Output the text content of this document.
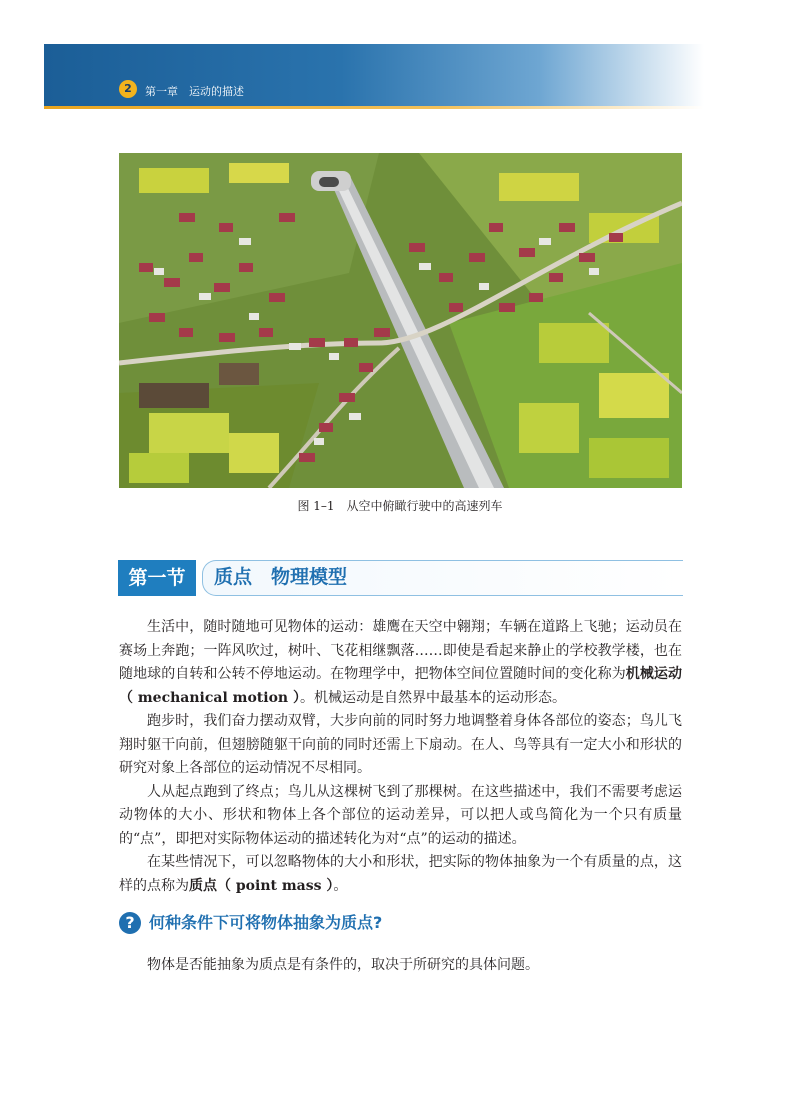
2	第一章　 运动的描述
图 1–1　从空中俯瞰行驶中的高速列车
第一节	质点　物理模型

生活中，随时随地可见物体的运动：雄鹰在天空中翱翔；车辆在道路上飞驰；运动员在赛场上奔跑；一阵风吹过，树叶、飞花相继飘落……即使是看起来静止的学校教学楼，也在随地球的自转和公转不停地运动。在物理学中，把物体空间位置随时间的变化称为机械运动（ mechanical motion ）。机械运动是自然界中最基本的运动形态。

跑步时，我们奋力摆动双臂，大步向前的同时努力地调整着身体各部位的姿态；鸟儿飞翔时躯干向前，但翅膀随躯干向前的同时还需上下扇动。在人、鸟等具有一定大小和形状的研究对象上各部位的运动情况不尽相同。

人从起点跑到了终点；鸟儿从这棵树飞到了那棵树。在这些描述中，我们不需要考虑运动物体的大小、形状和物体上各个部位的运动差异，可以把人或鸟简化为一个只有质量的“点”，即把对实际物体运动的描述转化为对“点”的运动的描述。

在某些情况下，可以忽略物体的大小和形状，把实际的物体抽象为一个有质量的点，这样的点称为质点（ point mass ）。

? 何种条件下可将物体抽象为质点?

物体是否能抽象为质点是有条件的，取决于所研究的具体问题。
